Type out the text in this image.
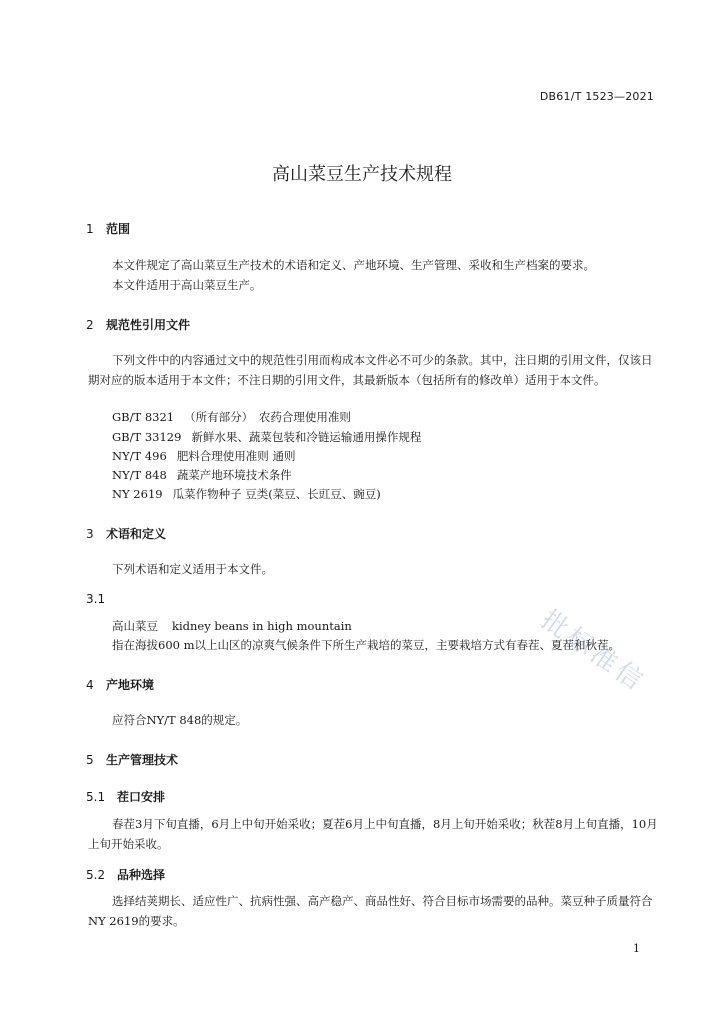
DB61/T 1523—2021
高山菜豆生产技术规程
1 范围
本文件规定了高山菜豆生产技术的术语和定义、产地环境、生产管理、采收和生产档案的要求。
本文件适用于高山菜豆生产。
2 规范性引用文件
下列文件中的内容通过文中的规范性引用而构成本文件必不可少的条款。其中，注日期的引用文件，仅该日期对应的版本适用于本文件；不注日期的引用文件，其最新版本（包括所有的修改单）适用于本文件。
GB/T 8321 （所有部分）　农药合理使用准则
GB/T 33129 新鲜水果、蔬菜包装和冷链运输通用操作规程
NY/T 496 肥料合理使用准则 通则
NY/T 848 蔬菜产地环境技术条件
NY 2619 瓜菜作物种子 豆类(菜豆、长豇豆、豌豆)
3 术语和定义
下列术语和定义适用于本文件。
3.1
高山菜豆 kidney beans in high mountain
指在海拔600 m以上山区的凉爽气候条件下所生产栽培的菜豆，主要栽培方式有春茬、夏茬和秋茬。
4 产地环境
应符合NY/T 848的规定。
5 生产管理技术
5.1 茬口安排
春茬3月下旬直播，6月上中旬开始采收；夏茬6月上中旬直播，8月上旬开始采收；秋茬8月上旬直播，10月上旬开始采收。
5.2 品种选择
选择结荚期长、适应性广、抗病性强、高产稳产、商品性好、符合目标市场需要的品种。菜豆种子质量符合NY 2619的要求。
批标准信
1
